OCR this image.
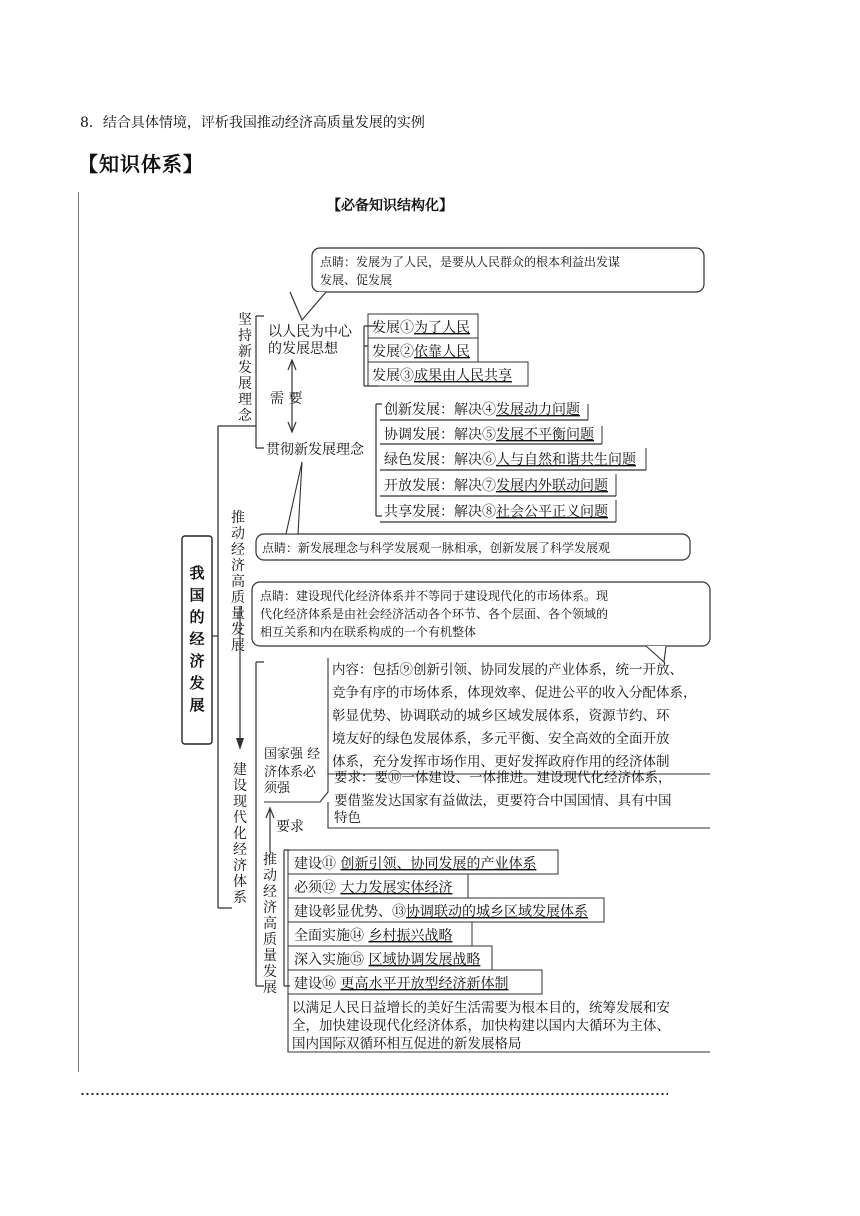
8．结合具体情境，评析我国推动经济高质量发展的实例
【知识体系】
【必备知识结构化】
我国的经济发展
推动经济高质量发展
建设现代化经济体系
坚持新发展理念
点睛：发展为了人民，是要从人民群众的根本利益出发谋
发展、促发展
以人民为中心
的发展思想
发展①为了人民
发展②依靠人民
发展③成果由人民共享
需 要
贯彻新发展理念
创新发展：解决④发展动力问题
协调发展：解决⑤发展不平衡问题
绿色发展：解决⑥人与自然和谐共生问题
开放发展：解决⑦发展内外联动问题
共享发展：解决⑧社会公平正义问题
点睛：新发展理念与科学发展观一脉相承，创新发展了科学发展观
点睛：建设现代化经济体系并不等同于建设现代化的市场体系。现
代化经济体系是由社会经济活动各个环节、各个层面、各个领域的
相互关系和内在联系构成的一个有机整体
内容：包括⑨创新引领、协同发展的产业体系，统一开放、
竞争有序的市场体系，体现效率、促进公平的收入分配体系，
彰显优势、协调联动的城乡区域发展体系，资源节约、环
境友好的绿色发展体系，多元平衡、安全高效的全面开放
体系，充分发挥市场作用、更好发挥政府作用的经济体制
国家强 经
济体系必
须强
要求：要⑩一体建设、一体推进。建设现代化经济体系，
要借鉴发达国家有益做法，更要符合中国国情、具有中国
特色
要求
推动经济高质量发展
建设⑪ 创新引领、协同发展的产业体系
必须⑫ 大力发展实体经济
建设彰显优势、⑬协调联动的城乡区域发展体系
全面实施⑭ 乡村振兴战略
深入实施⑮ 区域协调发展战略
建设⑯ 更高水平开放型经济新体制
以满足人民日益增长的美好生活需要为根本目的，统筹发展和安
全，加快建设现代化经济体系，加快构建以国内大循环为主体、
国内国际双循环相互促进的新发展格局
